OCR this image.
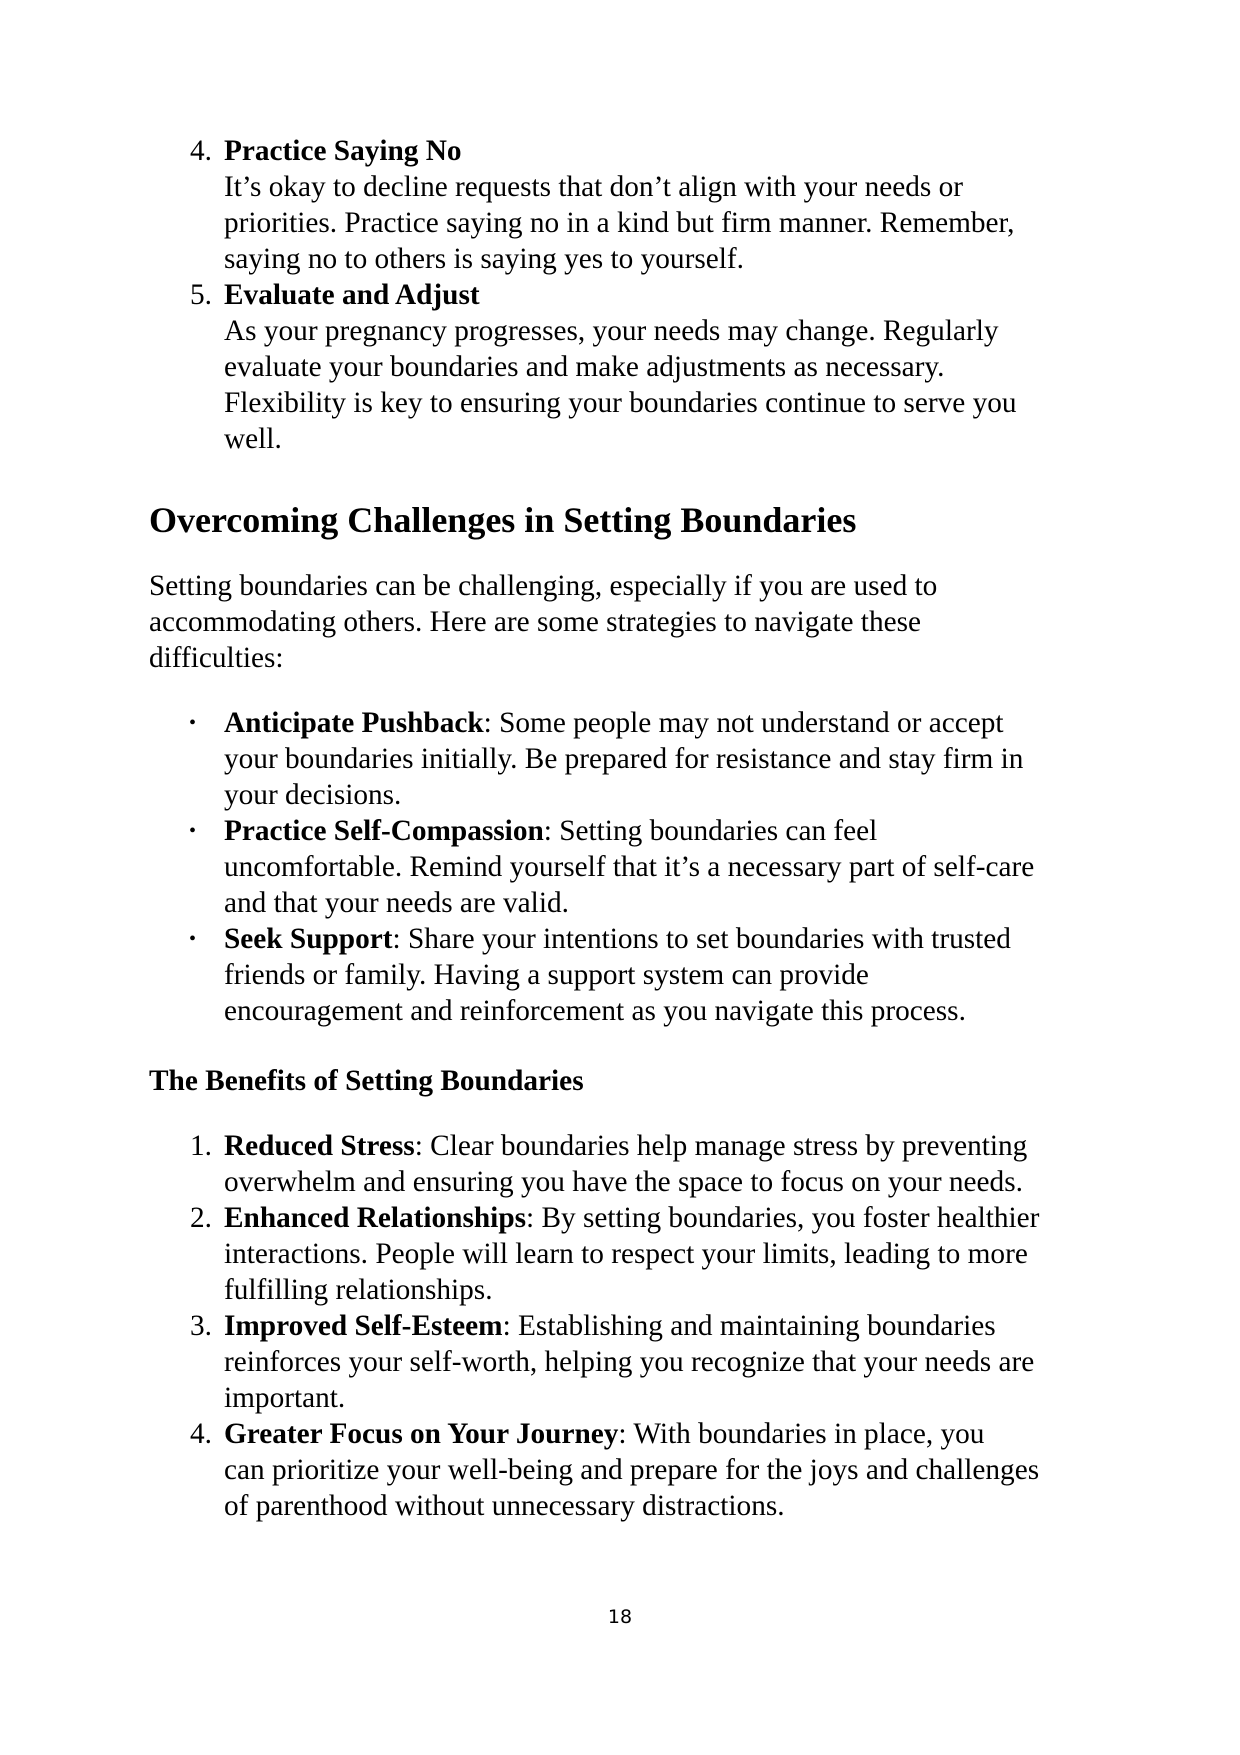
4. Practice Saying No
It’s okay to decline requests that don’t align with your needs or
priorities. Practice saying no in a kind but firm manner. Remember,
saying no to others is saying yes to yourself.
5. Evaluate and Adjust
As your pregnancy progresses, your needs may change. Regularly
evaluate your boundaries and make adjustments as necessary.
Flexibility is key to ensuring your boundaries continue to serve you
well.
Overcoming Challenges in Setting Boundaries
Setting boundaries can be challenging, especially if you are used to
accommodating others. Here are some strategies to navigate these
difficulties:
• Anticipate Pushback: Some people may not understand or accept
your boundaries initially. Be prepared for resistance and stay firm in
your decisions.
• Practice Self-Compassion: Setting boundaries can feel
uncomfortable. Remind yourself that it’s a necessary part of self-care
and that your needs are valid.
• Seek Support: Share your intentions to set boundaries with trusted
friends or family. Having a support system can provide
encouragement and reinforcement as you navigate this process.
The Benefits of Setting Boundaries
1. Reduced Stress: Clear boundaries help manage stress by preventing
overwhelm and ensuring you have the space to focus on your needs.
2. Enhanced Relationships: By setting boundaries, you foster healthier
interactions. People will learn to respect your limits, leading to more
fulfilling relationships.
3. Improved Self-Esteem: Establishing and maintaining boundaries
reinforces your self-worth, helping you recognize that your needs are
important.
4. Greater Focus on Your Journey: With boundaries in place, you
can prioritize your well-being and prepare for the joys and challenges
of parenthood without unnecessary distractions.
18
